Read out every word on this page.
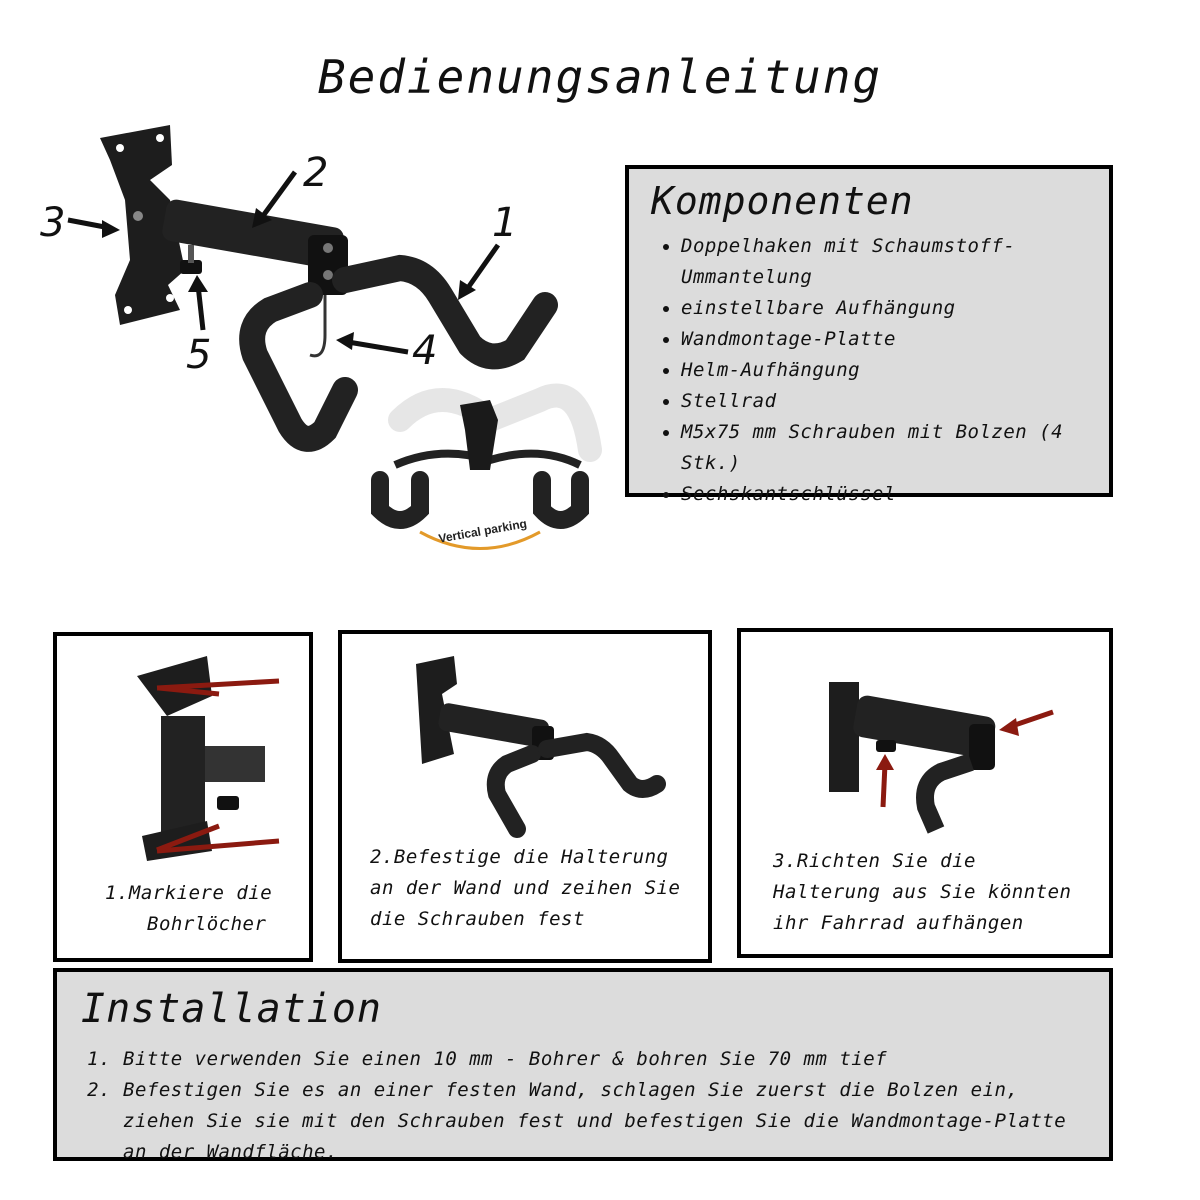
Bedienungsanleitung
1
2
3
4
5
Vertical parking
Komponenten
• Doppelhaken mit Schaumstoff-Ummantelung
• einstellbare Aufhängung
• Wandmontage-Platte
• Helm-Aufhängung
• Stellrad
• M5x75 mm Schrauben mit Bolzen (4 Stk.)
• Sechskantschlüssel
1.Markiere die
Bohrlöcher
2.Befestige die Halterung an der Wand und zeihen Sie die Schrauben fest
3.Richten Sie die Halterung aus Sie könnten ihr Fahrrad aufhängen
Installation
1. Bitte verwenden Sie einen 10 mm - Bohrer & bohren Sie 70 mm tief
2. Befestigen Sie es an einer festen Wand, schlagen Sie zuerst die Bolzen ein, ziehen Sie sie mit den Schrauben fest und befestigen Sie die Wandmontage-Platte an der Wandfläche.
